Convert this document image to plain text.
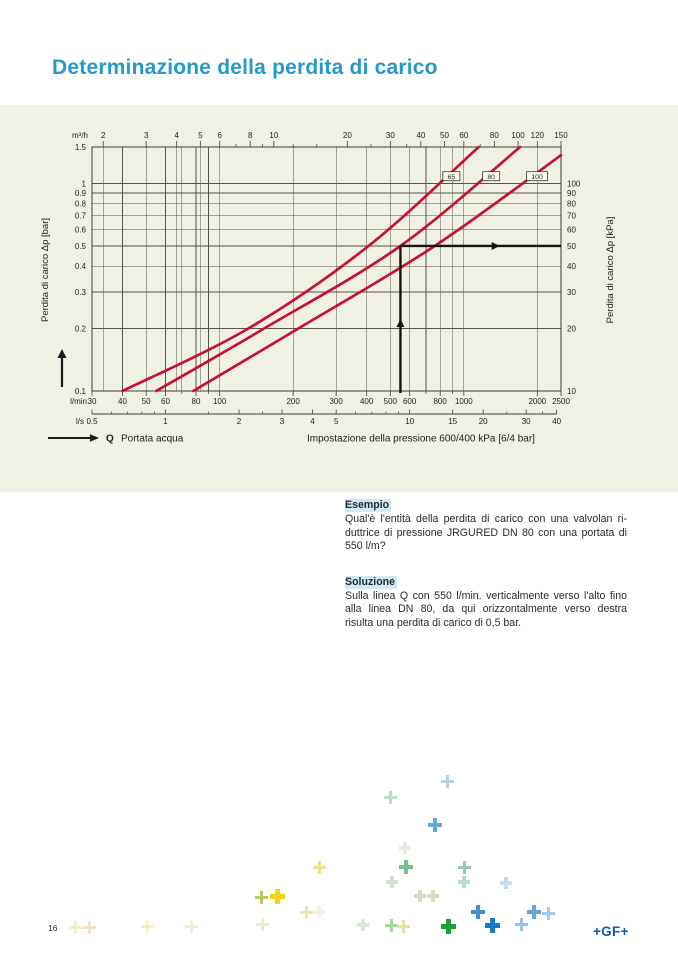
Determinazione della perdita di carico
65	80	100
m³/h 2	3	4 5 6	8 10	20	30	40 50 60	80 100 120 150
l/min 30	40 50 60	80 100	200	300 400 500 600 800 1000	2000 2500
1.5
1
0.9
0.8
0.7
0.6
0.5
0.4
0.3
0.2
0.1
100
90
80
70
60
50
40
30
20
10
l/s 0.5	1	2	3	4 5	10	15	20	30	40
Perdita di carico Δp [bar]	Perdita di carico Δp [kPa]
Q Portata acqua	Impostazione della pressione 600/400 kPa [6/4 bar]
Esempio
Qual'è l'entità della perdita di carico con una valvolan ri-
duttrice di pressione JRGURED DN 80 con una portata di
550 l/m?
Soluzione
Sulla linea Q con 550 l/min. verticalmente verso l'alto fino
alla linea DN 80, da qui orizzontalmente verso destra
risulta una perdita di carico di 0,5 bar.
16	+GF+
